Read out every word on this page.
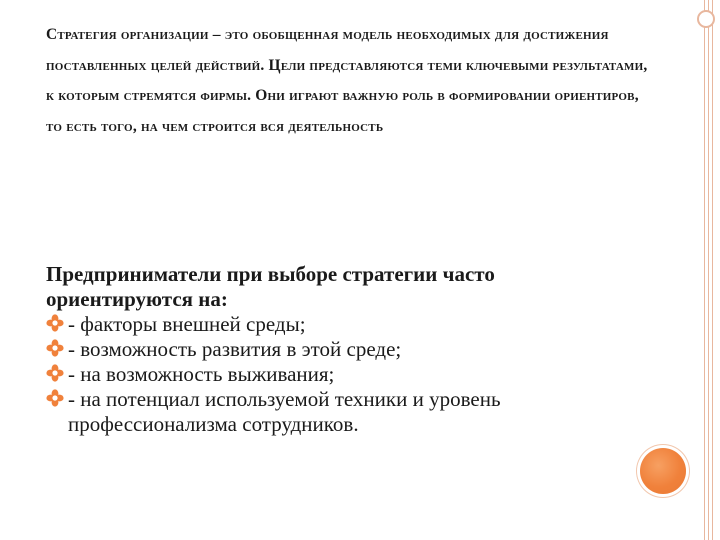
Стратегия организации – это обобщенная модель необходимых для достижения поставленных целей действий. Цели представляются теми ключевыми результатами, к которым стремятся фирмы. Они играют важную роль в формировании ориентиров, то есть того, на чем строится вся деятельность

Предприниматели при выборе стратегии часто ориентируются на:

- факторы внешней среды;
- возможность развития в этой среде;
- на возможность выживания;
- на потенциал используемой техники и уровень профессионализма сотрудников.
